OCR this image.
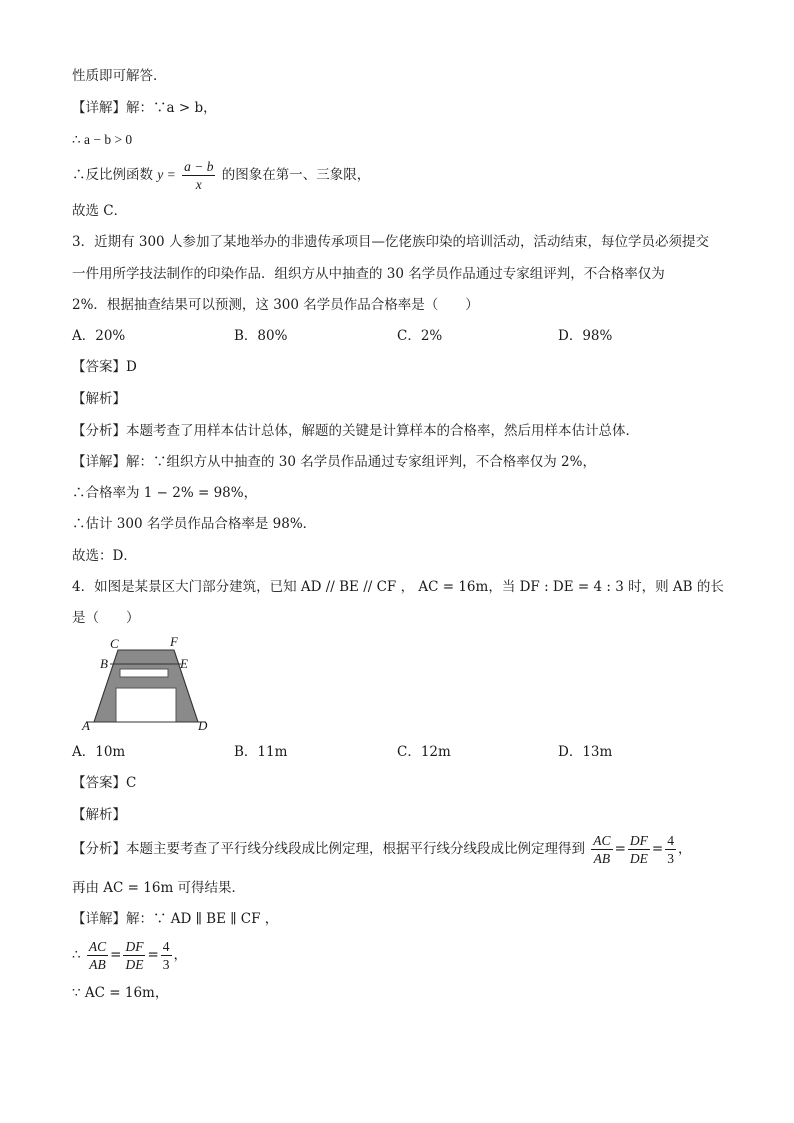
性质即可解答．
【详解】解：∵a > b，
∴ a − b > 0
∴反比例函数 $y = \frac{a - b}{x}$ 的图象在第一、三象限，
故选 C．
3．近期有 300 人参加了某地举办的非遗传承项目—仡佬族印染的培训活动，活动结束，每位学员必须提交
一件用所学技法制作的印染作品．组织方从中抽查的 30 名学员作品通过专家组评判，不合格率仅为
2%．根据抽查结果可以预测，这 300 名学员作品合格率是（　　）
A．20%	B．80%	C．2%	D．98%
【答案】D
【解析】
【分析】本题考查了用样本估计总体，解题的关键是计算样本的合格率，然后用样本估计总体．
【详解】解：∵组织方从中抽查的 30 名学员作品通过专家组评判，不合格率仅为 2%，
∴合格率为 1 − 2% = 98%，
∴估计 300 名学员作品合格率是 98%．
故选：D．
4．如图是某景区大门部分建筑，已知 AD // BE // CF ， AC = 16m，当 DF : DE = 4 : 3 时，则 AB 的长
是（　　）
C	F
B	E
A	D
A．10m	B．11m	C．12m	D．13m
【答案】C
【解析】
【分析】本题主要考查了平行线分线段成比例定理，根据平行线分线段成比例定理得到 $\frac{AC}{AB} = \frac{DF}{DE} = \frac{4}{3}$ ，
再由 AC = 16m 可得结果．
【详解】解：∵ AD ∥ BE ∥ CF ，
∴ $\frac{AC}{AB} = \frac{DF}{DE} = \frac{4}{3}$ ，
∵ AC = 16m，
